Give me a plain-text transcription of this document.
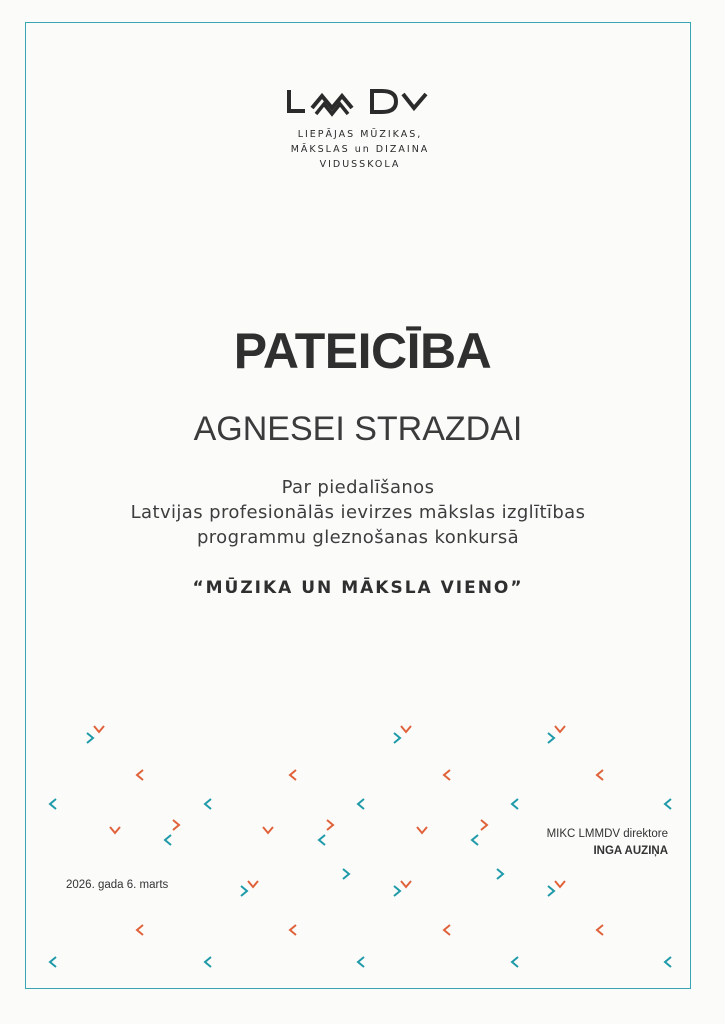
LIEPĀJAS MŪZIKAS,
MĀKSLAS un DIZAINA
VIDUSSKOLA
PATEICĪBA
AGNESEI STRAZDAI
Par piedalīšanos
Latvijas profesionālās ievirzes mākslas izglītības
programmu gleznošanas konkursā
“MŪZIKA UN MĀKSLA VIENO”
MIKC LMMDV direktore
INGA AUZIŅA
2026. gada 6. marts
